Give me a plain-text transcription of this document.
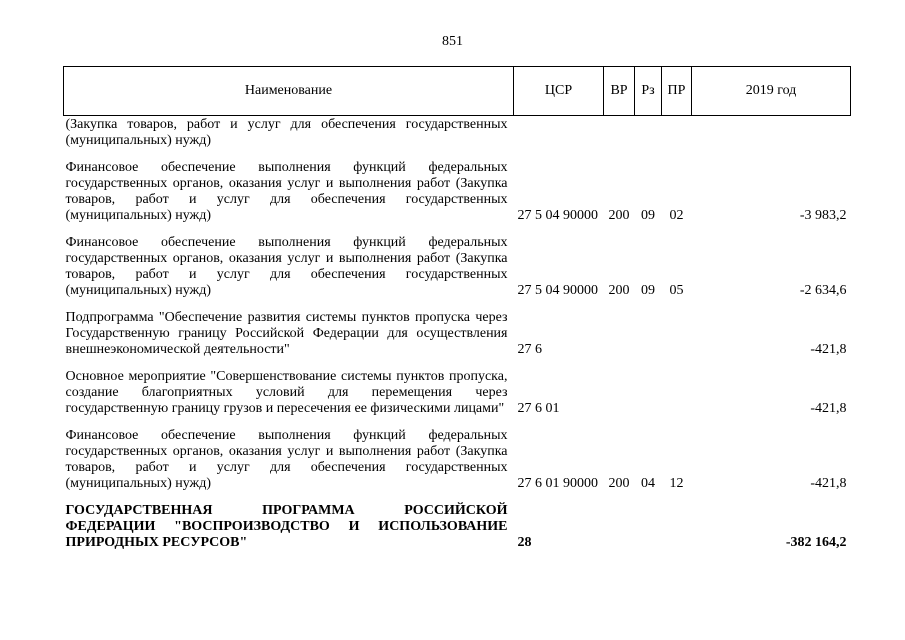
851
Наименование	ЦСР	ВР	Рз	ПР	2019 год
(Закупка товаров, работ и услуг для обеспечения государственных (муниципальных) нужд)					
Финансовое обеспечение выполнения функций федеральных государственных органов, оказания услуг и выполнения работ (Закупка товаров, работ и услуг для обеспечения государственных (муниципальных) нужд)	27 5 04 90000	200	09	02	-3 983,2
Финансовое обеспечение выполнения функций федеральных государственных органов, оказания услуг и выполнения работ (Закупка товаров, работ и услуг для обеспечения государственных (муниципальных) нужд)	27 5 04 90000	200	09	05	-2 634,6
Подпрограмма "Обеспечение развития системы пунктов пропуска через Государственную границу Российской Федерации для осуществления внешнеэкономической деятельности"	27 6				-421,8
Основное мероприятие "Совершенствование системы пунктов пропуска, создание благоприятных условий для перемещения через государственную границу грузов и пересечения ее физическими лицами"	27 6 01				-421,8
Финансовое обеспечение выполнения функций федеральных государственных органов, оказания услуг и выполнения работ (Закупка товаров, работ и услуг для обеспечения государственных (муниципальных) нужд)	27 6 01 90000	200	04	12	-421,8
ГОСУДАРСТВЕННАЯ ПРОГРАММА РОССИЙСКОЙ ФЕДЕРАЦИИ "ВОСПРОИЗВОДСТВО И ИСПОЛЬЗОВАНИЕ ПРИРОДНЫХ РЕСУРСОВ"	28				-382 164,2
